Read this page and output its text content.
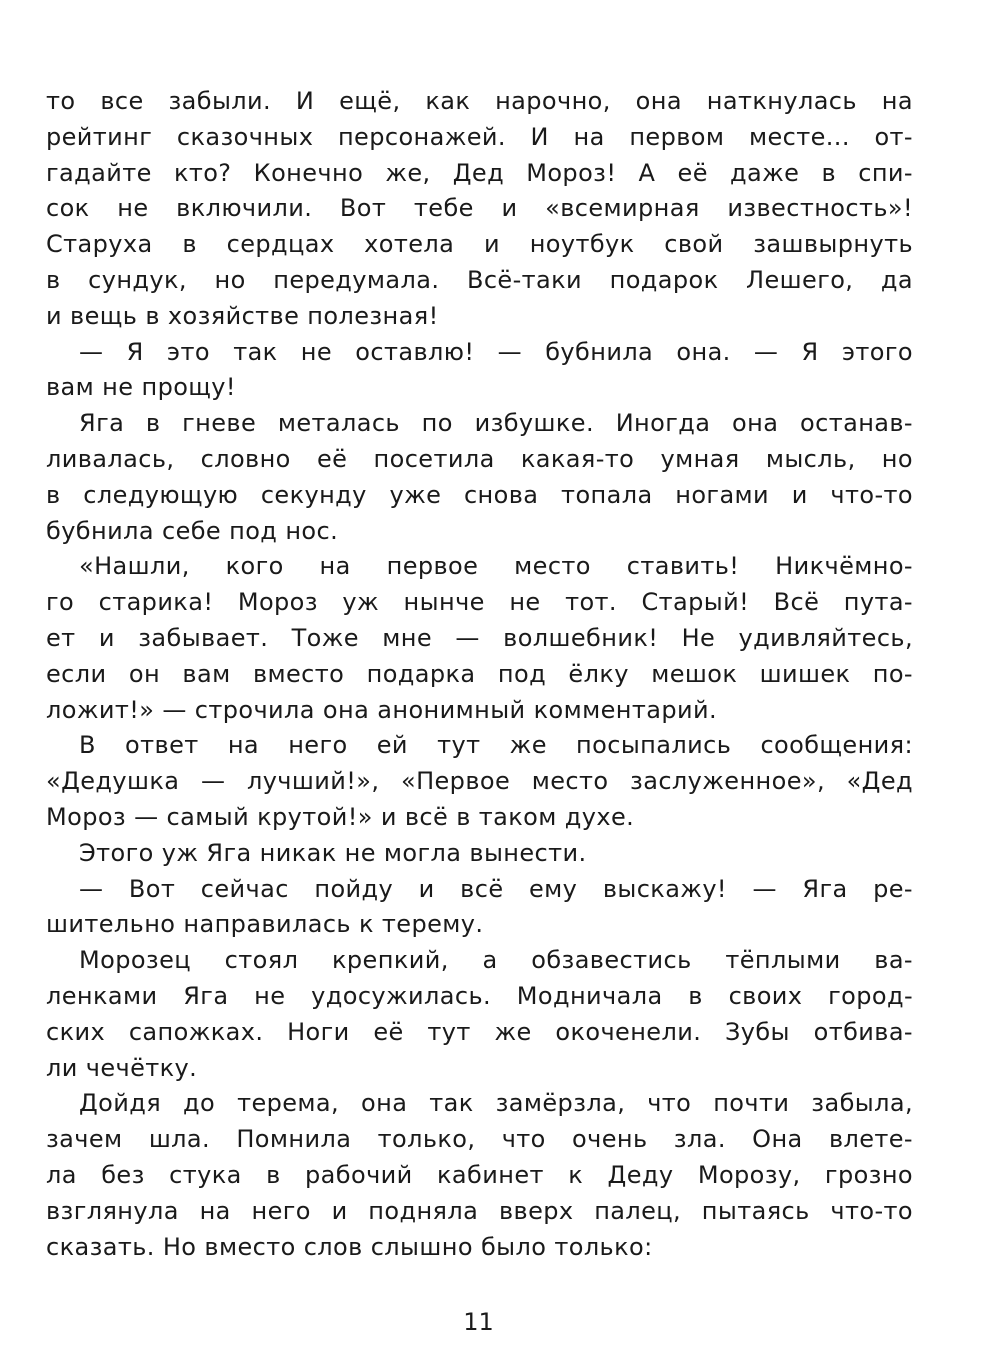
то все забыли. И ещё, как нарочно, она наткнулась на
рейтинг сказочных персонажей. И на первом месте... от-
гадайте кто? Конечно же, Дед Мороз! А её даже в спи-
сок не включили. Вот тебе и «всемирная известность»!
Старуха в сердцах хотела и ноутбук свой зашвырнуть
в сундук, но передумала. Всё-таки подарок Лешего, да
и вещь в хозяйстве полезная!
— Я это так не оставлю! — бубнила она. — Я этого
вам не прощу!
Яга в гневе металась по избушке. Иногда она останав-
ливалась, словно её посетила какая-то умная мысль, но
в следующую секунду уже снова топала ногами и что-то
бубнила себе под нос.
«Нашли, кого на первое место ставить! Никчёмно-
го старика! Мороз уж нынче не тот. Старый! Всё пута-
ет и забывает. Тоже мне — волшебник! Не удивляйтесь,
если он вам вместо подарка под ёлку мешок шишек по-
ложит!» — строчила она анонимный комментарий.
В ответ на него ей тут же посыпались сообщения:
«Дедушка — лучший!», «Первое место заслуженное», «Дед
Мороз — самый крутой!» и всё в таком духе.
Этого уж Яга никак не могла вынести.
— Вот сейчас пойду и всё ему выскажу! — Яга ре-
шительно направилась к терему.
Морозец стоял крепкий, а обзавестись тёплыми ва-
ленками Яга не удосужилась. Модничала в своих город-
ских сапожках. Ноги её тут же окоченели. Зубы отбива-
ли чечётку.
Дойдя до терема, она так замёрзла, что почти забыла,
зачем шла. Помнила только, что очень зла. Она влете-
ла без стука в рабочий кабинет к Деду Морозу, грозно
взглянула на него и подняла вверх палец, пытаясь что-то
сказать. Но вместо слов слышно было только:
11
